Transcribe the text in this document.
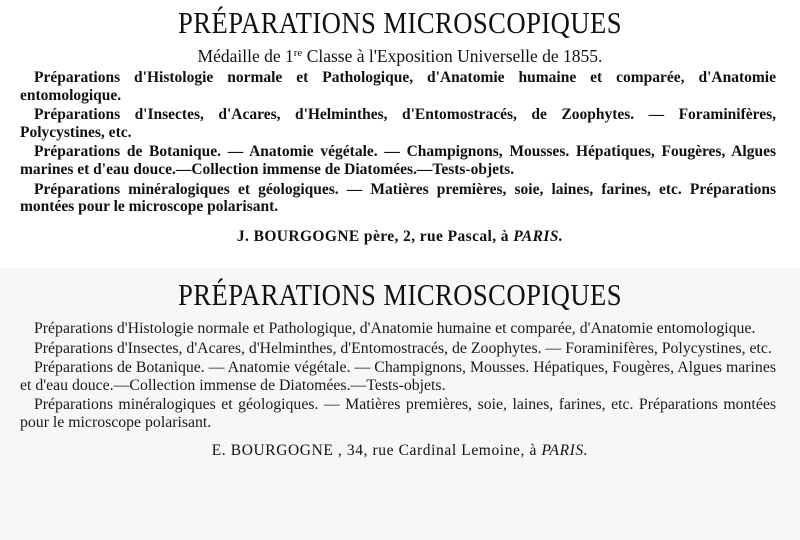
PRÉPARATIONS MICROSCOPIQUES
Médaille de 1re Classe à l'Exposition Universelle de 1855.

Préparations d'Histologie normale et Pathologique, d'Anatomie humaine et comparée, d'Anatomie entomologique.

Préparations d'Insectes, d'Acares, d'Helminthes, d'Entomostracés, de Zoophytes. — Foraminifères, Polycystines, etc.

Préparations de Botanique. — Anatomie végétale. — Champignons, Mousses. Hépatiques, Fougères, Algues marines et d'eau douce.—Collection immense de Diatomées.—Tests-objets.

Préparations minéralogiques et géologiques. — Matières premières, soie, laines, farines, etc. Préparations montées pour le microscope polarisant.

J. BOURGOGNE père, 2, rue Pascal, à PARIS.
PRÉPARATIONS MICROSCOPIQUES

Préparations d'Histologie normale et Pathologique, d'Anatomie humaine et comparée, d'Anatomie entomologique.

Préparations d'Insectes, d'Acares, d'Helminthes, d'Entomostracés, de Zoophytes. — Foraminifères, Polycystines, etc.

Préparations de Botanique. — Anatomie végétale. — Champignons, Mousses. Hépatiques, Fougères, Algues marines et d'eau douce.—Collection immense de Diatomées.—Tests-objets.

Préparations minéralogiques et géologiques. — Matières premières, soie, laines, farines, etc. Préparations montées pour le microscope polarisant.

E. BOURGOGNE , 34, rue Cardinal Lemoine, à PARIS.
